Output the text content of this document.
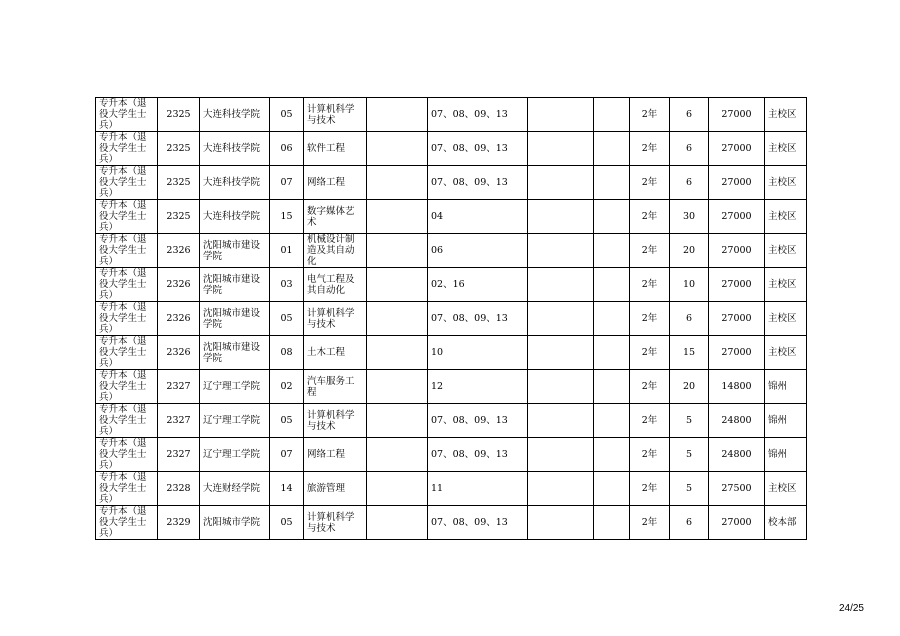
专升本（退役大学生士兵）	2325	大连科技学院	05	计算机科学与技术		07、08、09、13			2年	6	27000	主校区
专升本（退役大学生士兵）	2325	大连科技学院	06	软件工程		07、08、09、13			2年	6	27000	主校区
专升本（退役大学生士兵）	2325	大连科技学院	07	网络工程		07、08、09、13			2年	6	27000	主校区
专升本（退役大学生士兵）	2325	大连科技学院	15	数字媒体艺术		04			2年	30	27000	主校区
专升本（退役大学生士兵）	2326	沈阳城市建设学院	01	机械设计制造及其自动化		06			2年	20	27000	主校区
专升本（退役大学生士兵）	2326	沈阳城市建设学院	03	电气工程及其自动化		02、16			2年	10	27000	主校区
专升本（退役大学生士兵）	2326	沈阳城市建设学院	05	计算机科学与技术		07、08、09、13			2年	6	27000	主校区
专升本（退役大学生士兵）	2326	沈阳城市建设学院	08	土木工程		10			2年	15	27000	主校区
专升本（退役大学生士兵）	2327	辽宁理工学院	02	汽车服务工程		12			2年	20	14800	锦州
专升本（退役大学生士兵）	2327	辽宁理工学院	05	计算机科学与技术		07、08、09、13			2年	5	24800	锦州
专升本（退役大学生士兵）	2327	辽宁理工学院	07	网络工程		07、08、09、13			2年	5	24800	锦州
专升本（退役大学生士兵）	2328	大连财经学院	14	旅游管理		11			2年	5	27500	主校区
专升本（退役大学生士兵）	2329	沈阳城市学院	05	计算机科学与技术		07、08、09、13			2年	6	27000	校本部
24/25
